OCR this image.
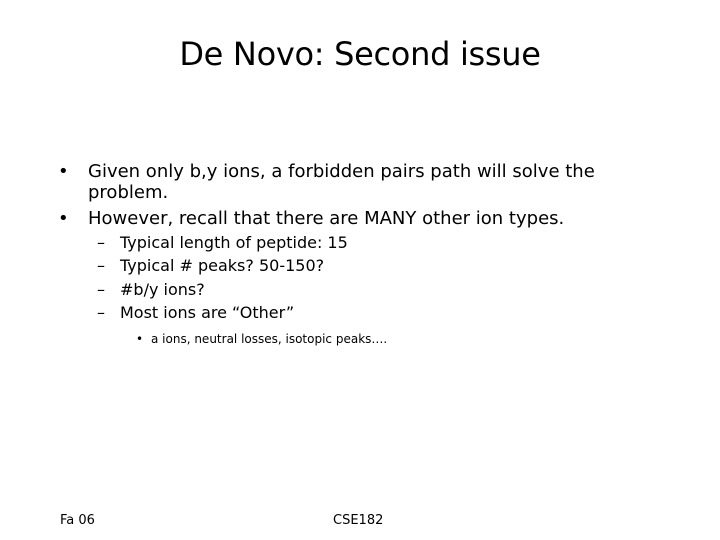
De Novo: Second issue
• Given only b,y ions, a forbidden pairs path will solve the
problem.
• However, recall that there are MANY other ion types.
– Typical length of peptide: 15
– Typical # peaks? 50-150?
– #b/y ions?
– Most ions are “Other”
• a ions, neutral losses, isotopic peaks….
Fa 06	CSE182
